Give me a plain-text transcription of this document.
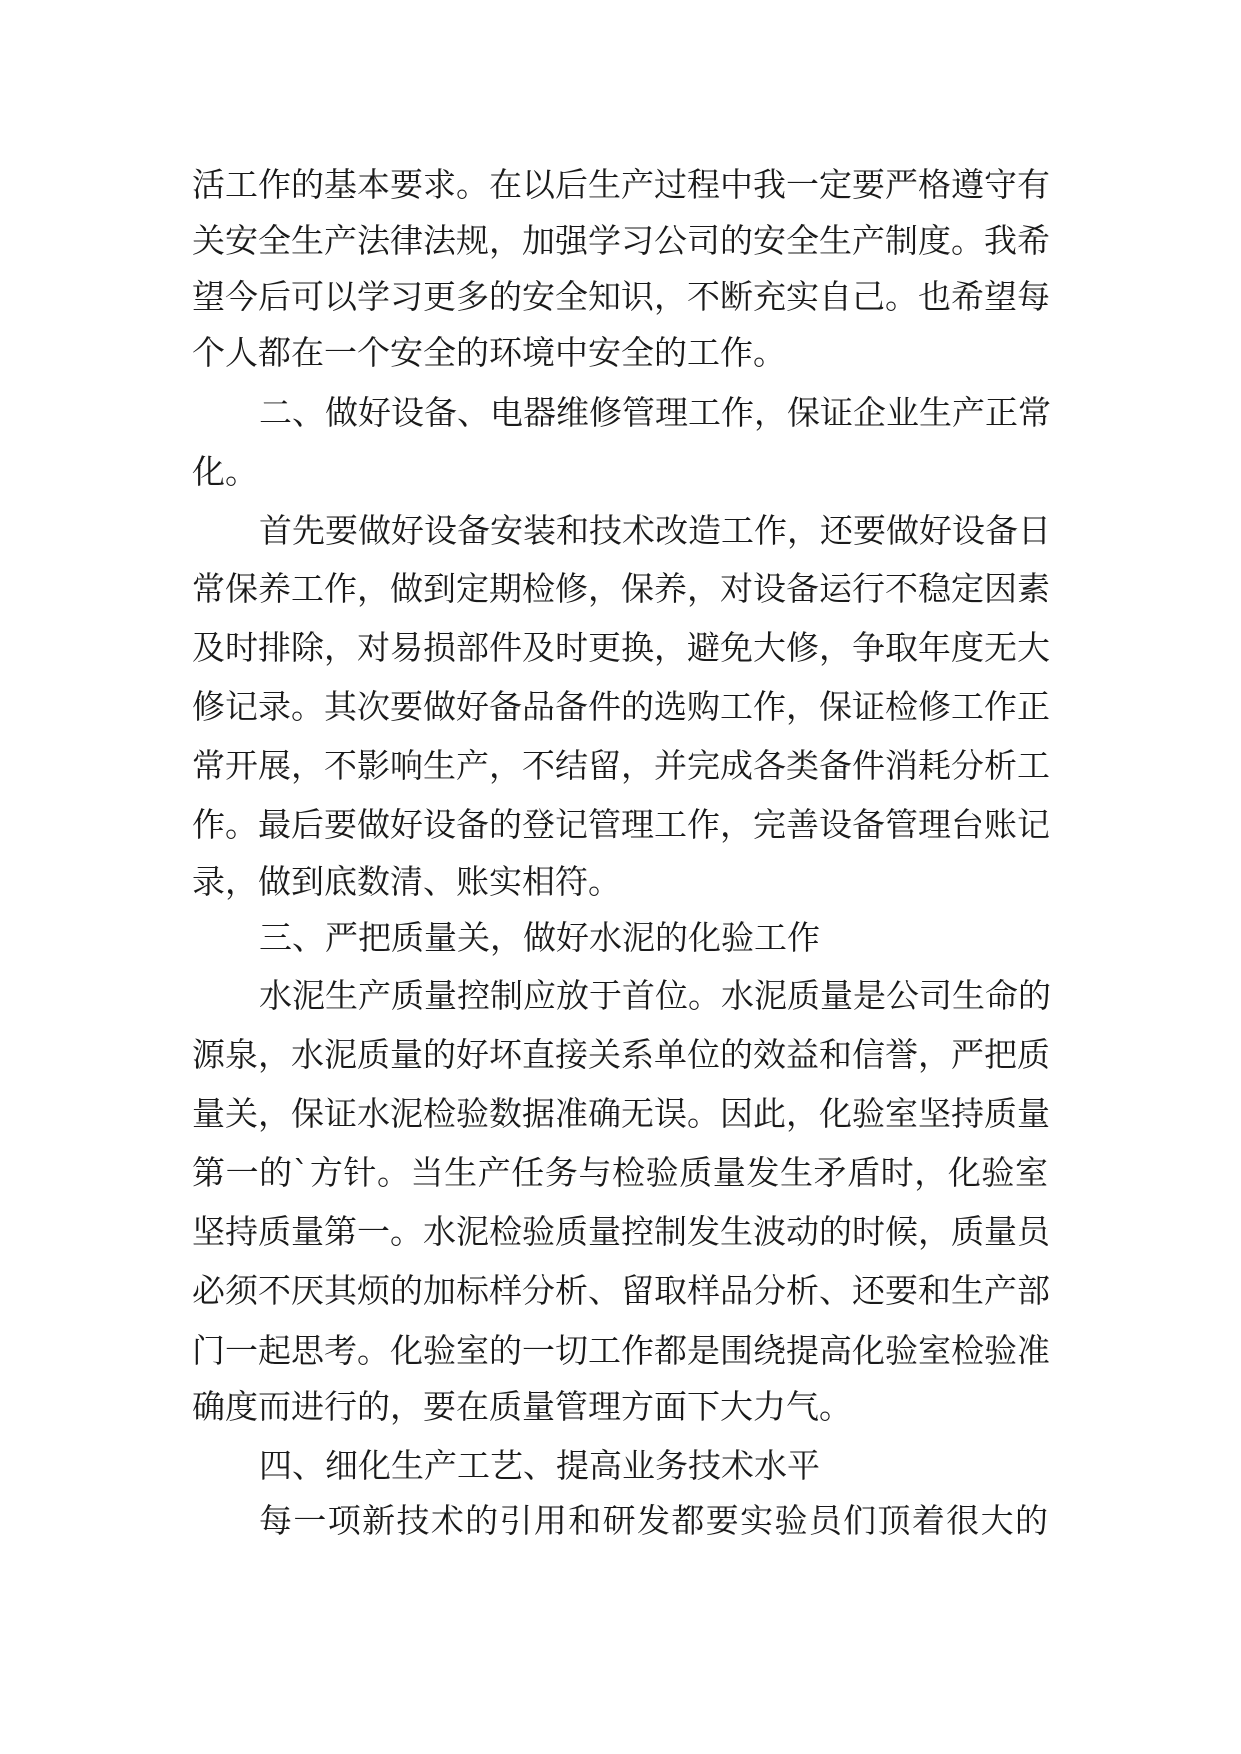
活工作的基本要求。在以后生产过程中我一定要严格遵守有
关安全生产法律法规，加强学习公司的安全生产制度。我希
望今后可以学习更多的安全知识，不断充实自己。也希望每
个人都在一个安全的环境中安全的工作。
二、做好设备、电器维修管理工作，保证企业生产正常
化。
首先要做好设备安装和技术改造工作，还要做好设备日
常保养工作，做到定期检修，保养，对设备运行不稳定因素
及时排除，对易损部件及时更换，避免大修，争取年度无大
修记录。其次要做好备品备件的选购工作，保证检修工作正
常开展，不影响生产，不结留，并完成各类备件消耗分析工
作。最后要做好设备的登记管理工作，完善设备管理台账记
录，做到底数清、账实相符。
三、严把质量关，做好水泥的化验工作
水泥生产质量控制应放于首位。水泥质量是公司生命的
源泉，水泥质量的好坏直接关系单位的效益和信誉，严把质
量关，保证水泥检验数据准确无误。因此，化验室坚持质量
第一的`方针。当生产任务与检验质量发生矛盾时，化验室
坚持质量第一。水泥检验质量控制发生波动的时候，质量员
必须不厌其烦的加标样分析、留取样品分析、还要和生产部
门一起思考。化验室的一切工作都是围绕提高化验室检验准
确度而进行的，要在质量管理方面下大力气。
四、细化生产工艺、提高业务技术水平
每一项新技术的引用和研发都要实验员们顶着很大的
